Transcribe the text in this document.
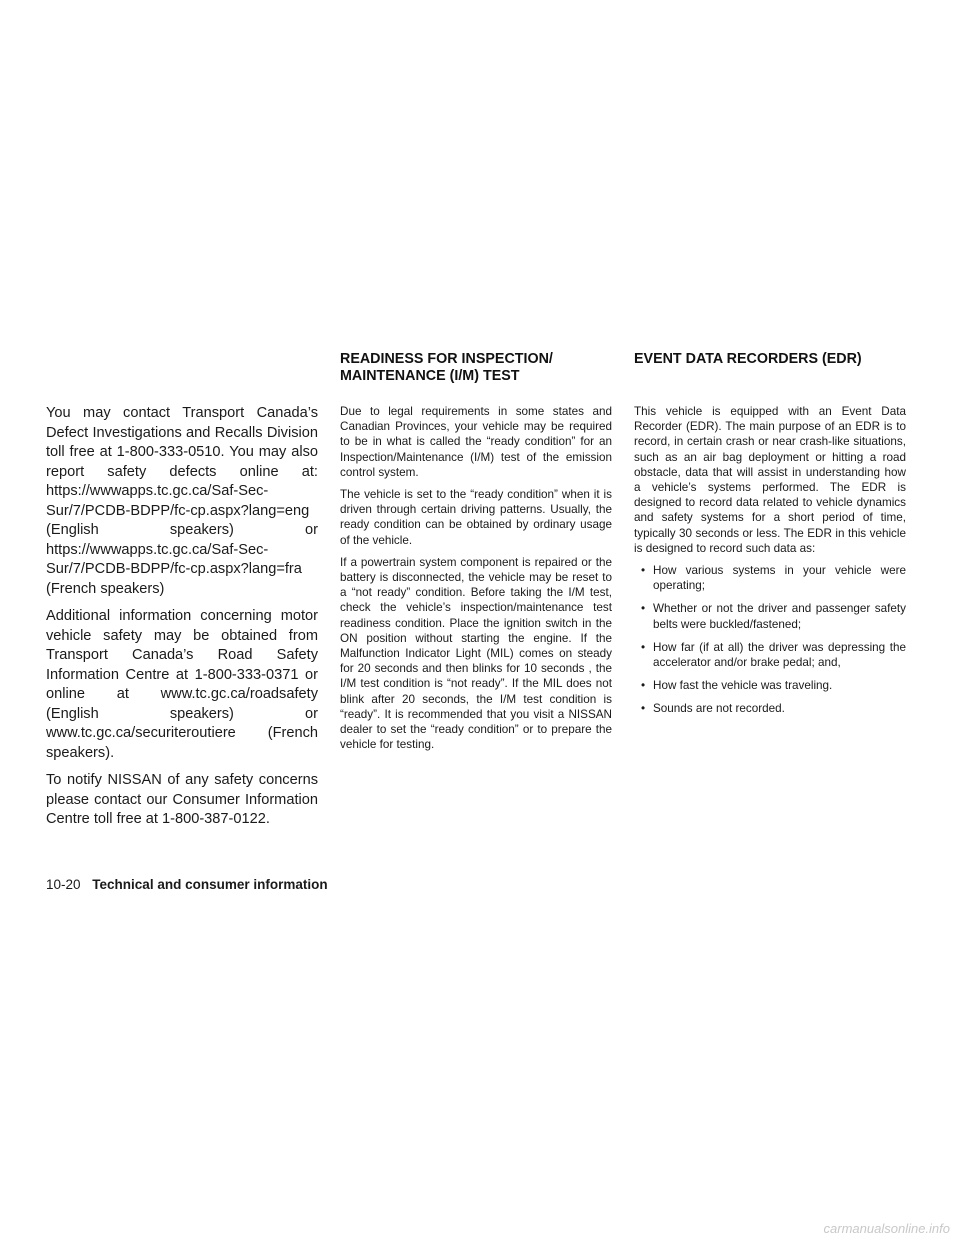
You may contact Transport Canada’s Defect Investigations and Recalls Division toll free at 1-800-333-0510. You may also report safety defects online at: https://wwwapps.tc.gc.ca/Saf-Sec-Sur/7/PCDB-BDPP/fc-cp.aspx?lang=eng (English speakers) or https://wwwapps.tc.gc.ca/Saf-Sec-Sur/7/PCDB-BDPP/fc-cp.aspx?lang=fra (French speakers)

Additional information concerning motor vehicle safety may be obtained from Transport Canada’s Road Safety Information Centre at 1-800-333-0371 or online at www.tc.gc.ca/roadsafety (English speakers) or www.tc.gc.ca/securiteroutiere (French speakers).

To notify NISSAN of any safety concerns please contact our Consumer Information Centre toll free at 1-800-387-0122.

READINESS FOR INSPECTION/
MAINTENANCE (I/M) TEST

Due to legal requirements in some states and Canadian Provinces, your vehicle may be required to be in what is called the “ready condition” for an Inspection/Maintenance (I/M) test of the emission control system.

The vehicle is set to the “ready condition” when it is driven through certain driving patterns. Usually, the ready condition can be obtained by ordinary usage of the vehicle.

If a powertrain system component is repaired or the battery is disconnected, the vehicle may be reset to a “not ready” condition. Before taking the I/M test, check the vehicle’s inspection/maintenance test readiness condition. Place the ignition switch in the ON position without starting the engine. If the Malfunction Indicator Light (MIL) comes on steady for 20 seconds and then blinks for 10 seconds , the I/M test condition is “not ready”. If the MIL does not blink after 20 seconds, the I/M test condition is “ready”. It is recommended that you visit a NISSAN dealer to set the “ready condition” or to prepare the vehicle for testing.

EVENT DATA RECORDERS (EDR)

This vehicle is equipped with an Event Data Recorder (EDR). The main purpose of an EDR is to record, in certain crash or near crash-like situations, such as an air bag deployment or hitting a road obstacle, data that will assist in understanding how a vehicle’s systems performed. The EDR is designed to record data related to vehicle dynamics and safety systems for a short period of time, typically 30 seconds or less. The EDR in this vehicle is designed to record such data as:

• How various systems in your vehicle were operating;
• Whether or not the driver and passenger safety belts were buckled/fastened;
• How far (if at all) the driver was depressing the accelerator and/or brake pedal; and,
• How fast the vehicle was traveling.
• Sounds are not recorded.
10-20 Technical and consumer information
carmanualsonline.info
